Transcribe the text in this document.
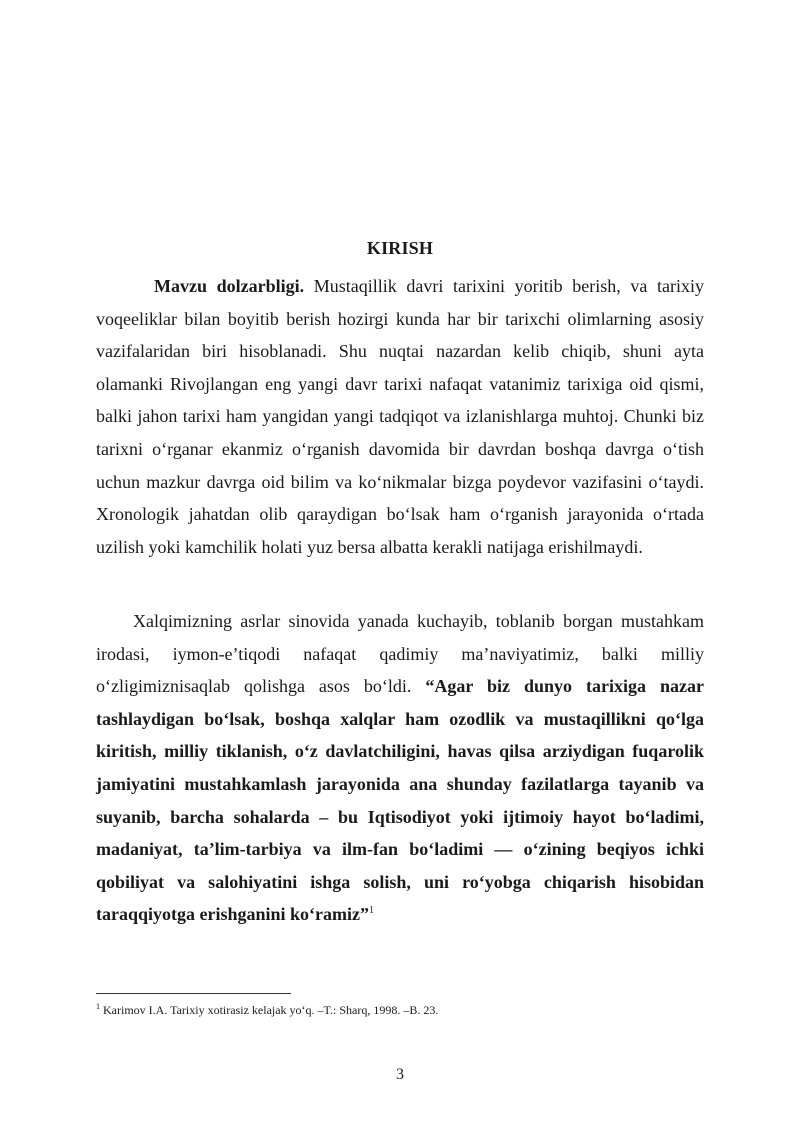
KIRISH
Mavzu dolzarbligi. Mustaqillik davri tarixini yoritib berish, va tarixiy voqeeliklar bilan boyitib berish hozirgi kunda har bir tarixchi olimlarning asosiy vazifalaridan biri hisoblanadi. Shu nuqtai nazardan kelib chiqib, shuni ayta olamanki Rivojlangan eng yangi davr tarixi nafaqat vatanimiz tarixiga oid qismi, balki jahon tarixi ham yangidan yangi tadqiqot va izlanishlarga muhtoj. Chunki biz tarixni o‘rganar ekanmiz o‘rganish davomida bir davrdan boshqa davrga o‘tish uchun mazkur davrga oid bilim va ko‘nikmalar bizga poydevor vazifasini o‘taydi. Xronologik jahatdan olib qaraydigan bo‘lsak ham o‘rganish jarayonida o‘rtada uzilish yoki kamchilik holati yuz bersa albatta kerakli natijaga erishilmaydi.
Xalqimizning asrlar sinovida yanada kuchayib, toblanib borgan mustahkam irodasi, iymon-e’tiqodi nafaqat qadimiy ma’naviyatimiz, balki milliy o‘zligimiznisaqlab qolishga asos bo‘ldi. “Agar biz dunyo tarixiga nazar tashlaydigan bo‘lsak, boshqa xalqlar ham ozodlik va mustaqillikni qo‘lga kiritish, milliy tiklanish, o‘z davlatchiligini, havas qilsa arziydigan fuqarolik jamiyatini mustahkamlash jarayonida ana shunday fazilatlarga tayanib va suyanib, barcha sohalarda – bu Iqtisodiyot yoki ijtimoiy hayot bo‘ladimi, madaniyat, ta’lim-tarbiya va ilm-fan bo‘ladimi — o‘zining beqiyos ichki qobiliyat va salohiyatini ishga solish, uni ro‘yobga chiqarish hisobidan taraqqiyotga erishganini ko‘ramiz”$^1$
$^1$ Karimov I.A. Tarixiy xotirasiz kelajak yo‘q. –T.: Sharq, 1998. –B. 23.
3
